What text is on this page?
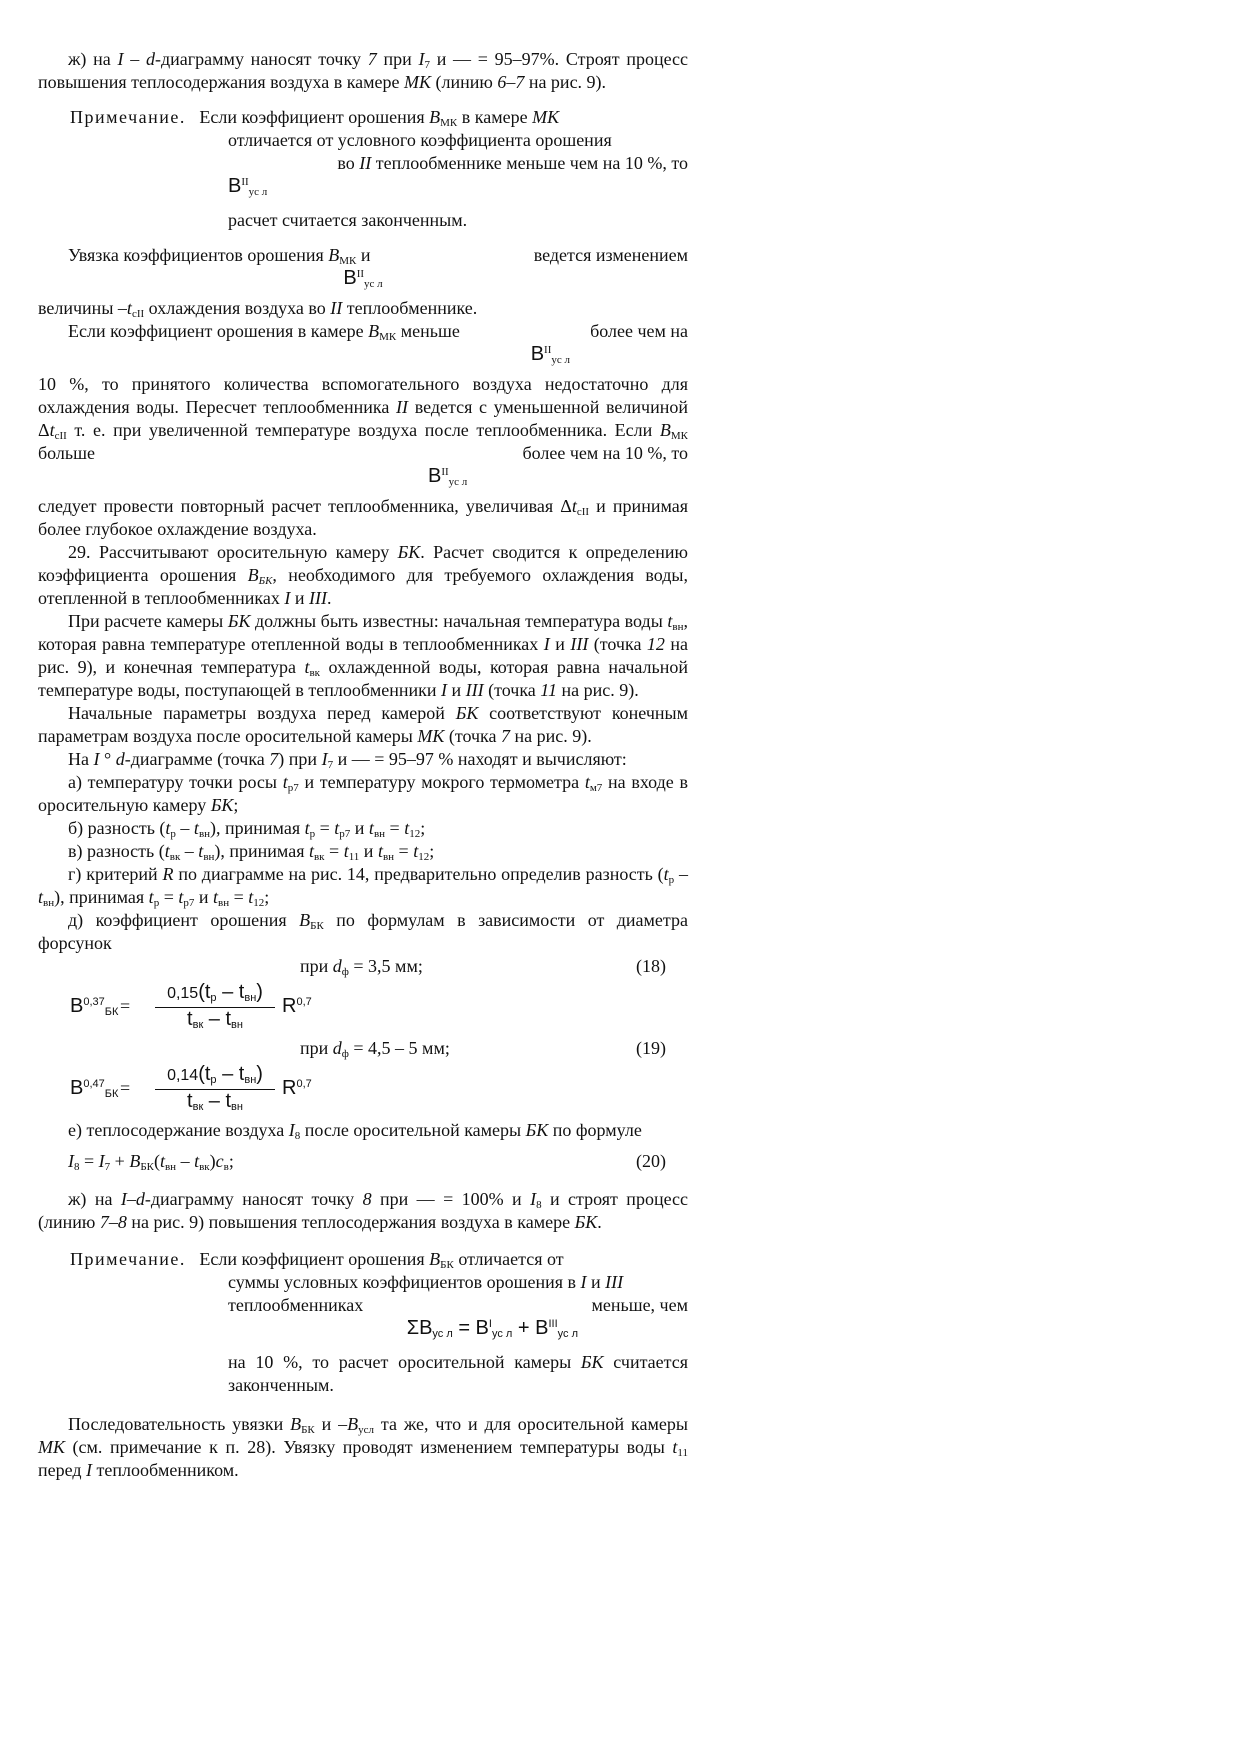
ж) на I – d-диаграмму наносят точку 7 при $I_7$ и — = 95–97%. Строят процесс повышения теплосодержания воздуха в камере МК (линию 6–7 на рис. 9).

Примечание. Если коэффициент орошения $B_{МК}$ в камере МК

отличается от условного коэффициента орошения

во II теплообменнике меньше чем на 10 %, то

$B^{II}_{ус л}$

расчет считается законченным.

Увязка коэффициентов орошения $B_{МК}$ и	ведется изменением

$B^{II}_{ус л}$

величины $-t_{сII}$ охлаждения воздуха во II теплообменнике.

Если коэффициент орошения в камере $B_{МК}$ меньше	более чем на

$B^{II}_{ус л}$

10 %, то принятого количества вспомогательного воздуха недостаточно для охлаждения воды. Пересчет теплообменника II ведется с уменьшенной величиной $\Delta t_{сII}$ т. е. при увеличенной температуре воздуха после теплообменника. Если $B_{МК}$ больше	более чем на 10 %, то

$B^{II}_{ус л}$

следует провести повторный расчет теплообменника, увеличивая $\Delta t_{сII}$ и принимая более глубокое охлаждение воздуха.

29. Рассчитывают оросительную камеру БК. Расчет сводится к определению коэффициента орошения $B_{БК}$, необходимого для требуемого охлаждения воды, отепленной в теплообменниках I и III.

При расчете камеры БК должны быть известны: начальная температура воды $t_{вн}$, которая равна температуре отепленной воды в теплообменниках I и III (точка 12 на рис. 9), и конечная температура $t_{вк}$ охлажденной воды, которая равна начальной температуре воды, поступающей в теплообменники I и III (точка 11 на рис. 9).

Начальные параметры воздуха перед камерой БК соответствуют конечным параметрам воздуха после оросительной камеры МК (точка 7 на рис. 9).

На I ° d-диаграмме (точка 7) при $I_7$ и — = 95–97 % находят и вычисляют:

а) температуру точки росы $t_{р7}$ и температуру мокрого термометра $t_{м7}$ на входе в оросительную камеру БК;

б) разность $(t_р - t_{вн})$, принимая $t_р = t_{р7}$ и $t_{вн} = t_{12}$;

в) разность $(t_{вк} - t_{вн})$, принимая $t_{вк} = t_{11}$ и $t_{вн} = t_{12}$;

г) критерий R по диаграмме на рис. 14, предварительно определив разность $(t_р - t_{вн})$, принимая $t_р = t_{р7}$ и $t_{вн} = t_{12}$;

д) коэффициент орошения $B_{БК}$ по формулам в зависимости от диаметра форсунок

при $d_ф = 3,5$ мм;	(18)
B$^{0,37}_{БК}$ =
$0,15(t_р - t_{вн})$
$t_{вк} - t_{вн}$
R$^{0,7}$
при $d_ф = 4,5 - 5$ мм;	(19)
B$^{0,47}_{БК}$ =
$0,14(t_р - t_{вн})$
$t_{вк} - t_{вн}$
R$^{0,7}$

е) теплосодержание воздуха $I_8$ после оросительной камеры БК по формуле

$I_8 = I_7 + B_{БК}(t_{вн} - t_{вк})c_в$;	(20)

ж) на I–d-диаграмму наносят точку 8 при — = 100% и $I_8$ и строят процесс (линию 7–8 на рис. 9) повышения теплосодержания воздуха в камере БК.

Примечание. Если коэффициент орошения $B_{БК}$ отличается от

суммы условных коэффициентов орошения в I и III

теплообменниках	меньше, чем

$\Sigma B_{ус л} = B^I_{ус л} + B^{III}_{ус л}$

на 10 %, то расчет оросительной камеры БК считается законченным.

Последовательность увязки $B_{БК}$ и $-B_{усл}$ та же, что и для оросительной камеры МК (см. примечание к п. 28). Увязку проводят изменением температуры воды $t_{11}$ перед I теплообменником.
